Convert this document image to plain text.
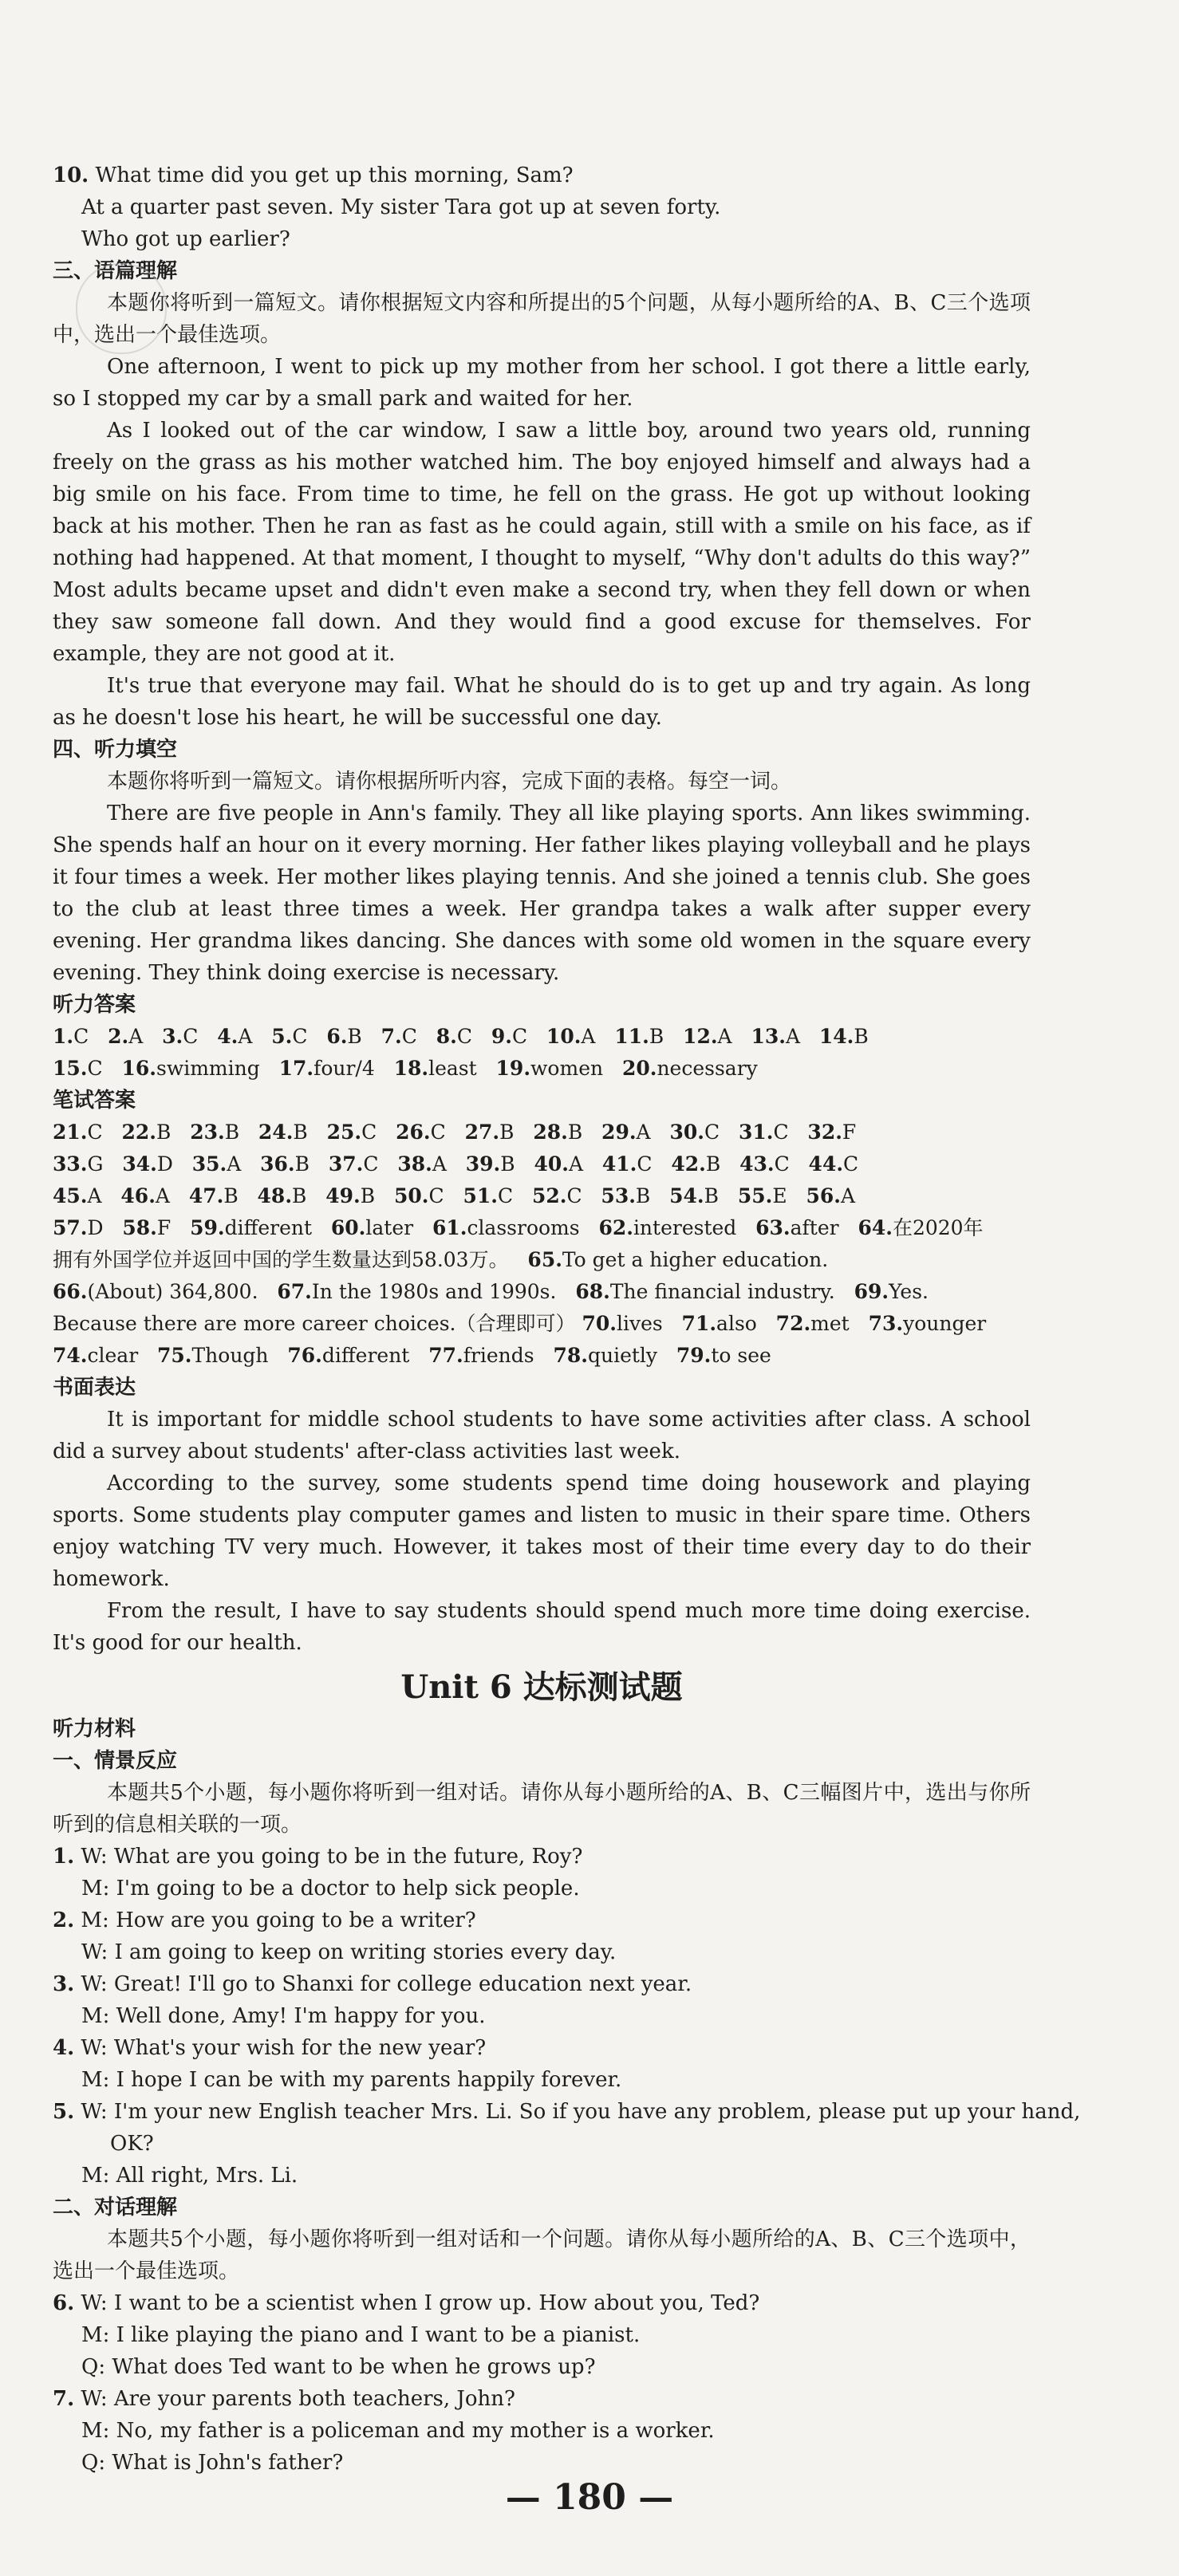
10. What time did you get up this morning, Sam?
At a quarter past seven. My sister Tara got up at seven forty.
Who got up earlier?
三、语篇理解
本题你将听到一篇短文。请你根据短文内容和所提出的5个问题，从每小题所给的A、B、C三个选项中，选出一个最佳选项。
One afternoon, I went to pick up my mother from her school. I got there a little early, so I stopped my car by a small park and waited for her.
As I looked out of the car window, I saw a little boy, around two years old, running freely on the grass as his mother watched him. The boy enjoyed himself and always had a big smile on his face. From time to time, he fell on the grass. He got up without looking back at his mother. Then he ran as fast as he could again, still with a smile on his face, as if nothing had happened. At that moment, I thought to myself, “Why don't adults do this way?” Most adults became upset and didn't even make a second try, when they fell down or when they saw someone fall down. And they would find a good excuse for themselves. For example, they are not good at it.
It's true that everyone may fail. What he should do is to get up and try again. As long as he doesn't lose his heart, he will be successful one day.
四、听力填空
本题你将听到一篇短文。请你根据所听内容，完成下面的表格。每空一词。
There are five people in Ann's family. They all like playing sports. Ann likes swimming. She spends half an hour on it every morning. Her father likes playing volleyball and he plays it four times a week. Her mother likes playing tennis. And she joined a tennis club. She goes to the club at least three times a week. Her grandpa takes a walk after supper every evening. Her grandma likes dancing. She dances with some old women in the square every evening. They think doing exercise is necessary.
听力答案
1.C 2.A 3.C 4.A 5.C 6.B 7.C 8.C 9.C 10.A 11.B 12.A 13.A 14.B
15.C 16.swimming 17.four/4 18.least 19.women 20.necessary
笔试答案
21.C 22.B 23.B 24.B 25.C 26.C 27.B 28.B 29.A 30.C 31.C 32.F
33.G 34.D 35.A 36.B 37.C 38.A 39.B 40.A 41.C 42.B 43.C 44.C
45.A 46.A 47.B 48.B 49.B 50.C 51.C 52.C 53.B 54.B 55.E 56.A
57.D 58.F 59.different 60.later 61.classrooms 62.interested 63.after 64.在2020年
拥有外国学位并返回中国的学生数量达到58.03万。 65.To get a higher education.
66.(About) 364,800. 67.In the 1980s and 1990s. 68.The financial industry. 69.Yes.
Because there are more career choices.（合理即可） 70.lives 71.also 72.met 73.younger
74.clear 75.Though 76.different 77.friends 78.quietly 79.to see
书面表达
It is important for middle school students to have some activities after class. A school did a survey about students' after-class activities last week.
According to the survey, some students spend time doing housework and playing sports. Some students play computer games and listen to music in their spare time. Others enjoy watching TV very much. However, it takes most of their time every day to do their homework.
From the result, I have to say students should spend much more time doing exercise. It's good for our health.
Unit 6 达标测试题
听力材料
一、情景反应
本题共5个小题，每小题你将听到一组对话。请你从每小题所给的A、B、C三幅图片中，选出与你所听到的信息相关联的一项。
1. W: What are you going to be in the future, Roy?
M: I'm going to be a doctor to help sick people.
2. M: How are you going to be a writer?
W: I am going to keep on writing stories every day.
3. W: Great! I'll go to Shanxi for college education next year.
M: Well done, Amy! I'm happy for you.
4. W: What's your wish for the new year?
M: I hope I can be with my parents happily forever.
5. W: I'm your new English teacher Mrs. Li. So if you have any problem, please put up your hand,
OK?
M: All right, Mrs. Li.
二、对话理解
本题共5个小题，每小题你将听到一组对话和一个问题。请你从每小题所给的A、B、C三个选项中，选出一个最佳选项。
6. W: I want to be a scientist when I grow up. How about you, Ted?
M: I like playing the piano and I want to be a pianist.
Q: What does Ted want to be when he grows up?
7. W: Are your parents both teachers, John?
M: No, my father is a policeman and my mother is a worker.
Q: What is John's father?
— 180 —
